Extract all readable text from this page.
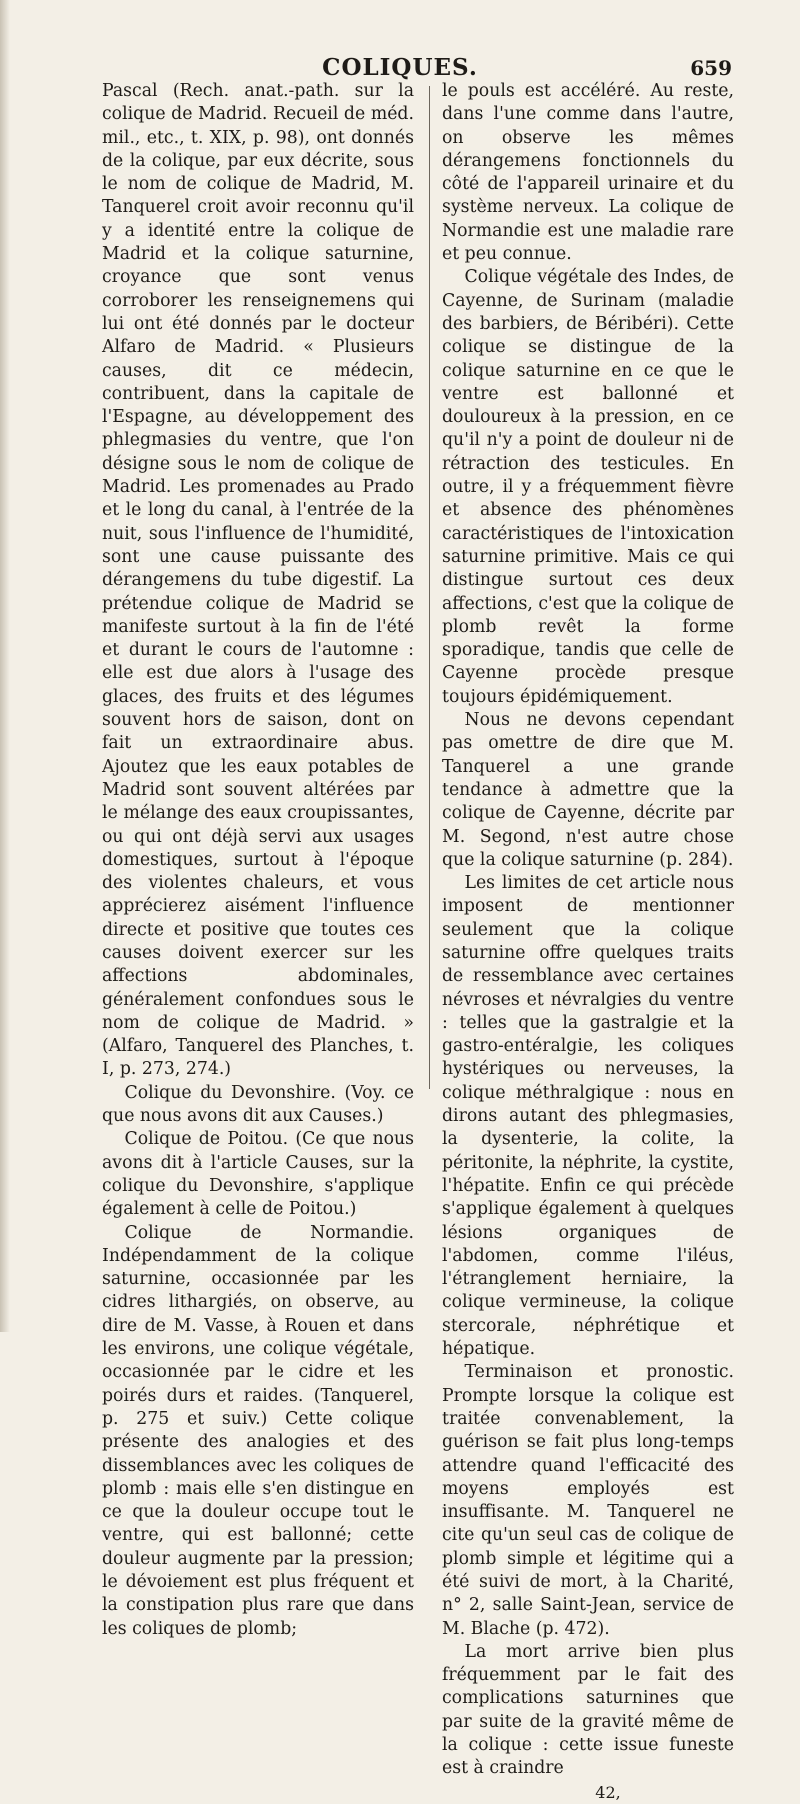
COLIQUES.	659

Pascal (Rech. anat.-path. sur la colique de Madrid. Recueil de méd. mil., etc., t. XIX, p. 98), ont donnés de la colique, par eux décrite, sous le nom de colique de Madrid, M. Tanquerel croit avoir reconnu qu'il y a identité entre la colique de Madrid et la colique saturnine, croyance que sont venus corroborer les renseignemens qui lui ont été donnés par le docteur Alfaro de Madrid. « Plusieurs causes, dit ce médecin, contribuent, dans la capitale de l'Espagne, au développement des phlegmasies du ventre, que l'on désigne sous le nom de colique de Madrid. Les promenades au Prado et le long du canal, à l'entrée de la nuit, sous l'influence de l'humidité, sont une cause puissante des dérangemens du tube digestif. La prétendue colique de Madrid se manifeste surtout à la fin de l'été et durant le cours de l'automne : elle est due alors à l'usage des glaces, des fruits et des légumes souvent hors de saison, dont on fait un extraordinaire abus. Ajoutez que les eaux potables de Madrid sont souvent altérées par le mélange des eaux croupissantes, ou qui ont déjà servi aux usages domestiques, surtout à l'époque des violentes chaleurs, et vous apprécierez aisément l'influence directe et positive que toutes ces causes doivent exercer sur les affections abdominales, généralement confondues sous le nom de colique de Madrid. » (Alfaro, Tanquerel des Planches, t. I, p. 273, 274.)

Colique du Devonshire. (Voy. ce que nous avons dit aux Causes.)

Colique de Poitou. (Ce que nous avons dit à l'article Causes, sur la colique du Devonshire, s'applique également à celle de Poitou.)

Colique de Normandie. Indépendamment de la colique saturnine, occasionnée par les cidres lithargiés, on observe, au dire de M. Vasse, à Rouen et dans les environs, une colique végétale, occasionnée par le cidre et les poirés durs et raides. (Tanquerel, p. 275 et suiv.) Cette colique présente des analogies et des dissemblances avec les coliques de plomb : mais elle s'en distingue en ce que la douleur occupe tout le ventre, qui est ballonné; cette douleur augmente par la pression; le dévoiement est plus fréquent et la constipation plus rare que dans les coliques de plomb;

le pouls est accéléré. Au reste, dans l'une comme dans l'autre, on observe les mêmes dérangemens fonctionnels du côté de l'appareil urinaire et du système nerveux. La colique de Normandie est une maladie rare et peu connue.

Colique végétale des Indes, de Cayenne, de Surinam (maladie des barbiers, de Béribéri). Cette colique se distingue de la colique saturnine en ce que le ventre est ballonné et douloureux à la pression, en ce qu'il n'y a point de douleur ni de rétraction des testicules. En outre, il y a fréquemment fièvre et absence des phénomènes caractéristiques de l'intoxication saturnine primitive. Mais ce qui distingue surtout ces deux affections, c'est que la colique de plomb revêt la forme sporadique, tandis que celle de Cayenne procède presque toujours épidémiquement.

Nous ne devons cependant pas omettre de dire que M. Tanquerel a une grande tendance à admettre que la colique de Cayenne, décrite par M. Segond, n'est autre chose que la colique saturnine (p. 284).

Les limites de cet article nous imposent de mentionner seulement que la colique saturnine offre quelques traits de ressemblance avec certaines névroses et névralgies du ventre : telles que la gastralgie et la gastro-entéralgie, les coliques hystériques ou nerveuses, la colique méthralgique : nous en dirons autant des phlegmasies, la dysenterie, la colite, la péritonite, la néphrite, la cystite, l'hépatite. Enfin ce qui précède s'applique également à quelques lésions organiques de l'abdomen, comme l'iléus, l'étranglement herniaire, la colique vermineuse, la colique stercorale, néphrétique et hépatique.

Terminaison et pronostic. Prompte lorsque la colique est traitée convenablement, la guérison se fait plus long-temps attendre quand l'efficacité des moyens employés est insuffisante. M. Tanquerel ne cite qu'un seul cas de colique de plomb simple et légitime qui a été suivi de mort, à la Charité, n° 2, salle Saint-Jean, service de M. Blache (p. 472).

La mort arrive bien plus fréquemment par le fait des complications saturnines que par suite de la gravité même de la colique : cette issue funeste est à craindre

42,
